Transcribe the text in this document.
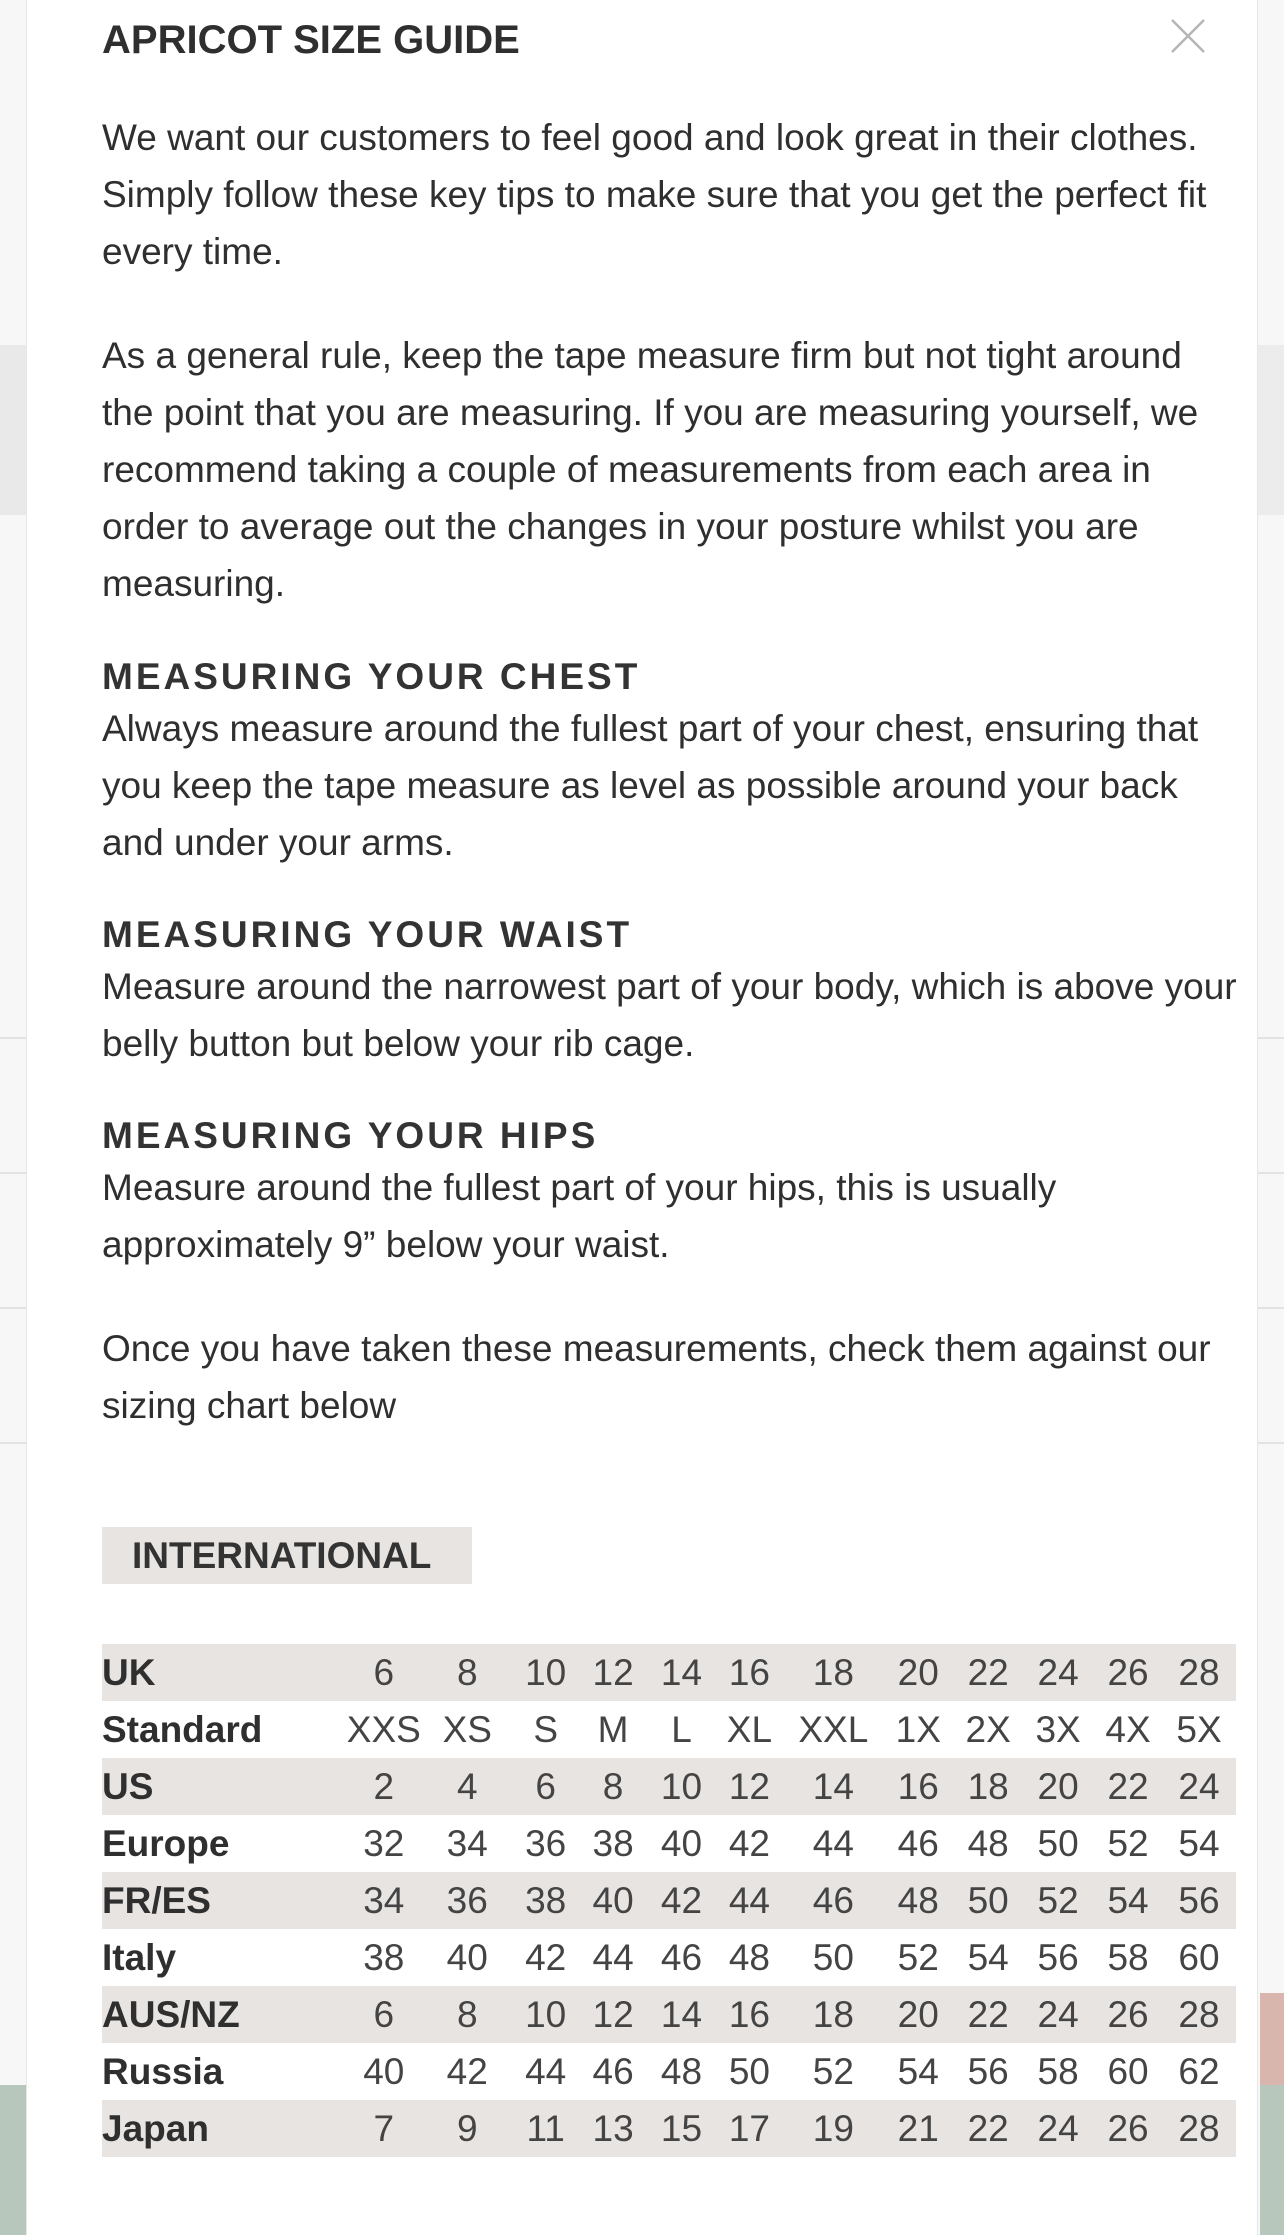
APRICOT SIZE GUIDE

We want our customers to feel good and look great in their clothes. Simply follow these key tips to make sure that you get the perfect fit every time.

As a general rule, keep the tape measure firm but not tight around the point that you are measuring. If you are measuring yourself, we recommend taking a couple of measurements from each area in order to average out the changes in your posture whilst you are measuring.

MEASURING YOUR CHEST

Always measure around the fullest part of your chest, ensuring that you keep the tape measure as level as possible around your back and under your arms.

MEASURING YOUR WAIST

Measure around the narrowest part of your body, which is above your belly button but below your rib cage.

MEASURING YOUR HIPS

Measure around the fullest part of your hips, this is usually approximately 9” below your waist.

Once you have taken these measurements, check them against our sizing chart below

INTERNATIONAL
UK	6	8	10	12	14	16	18	20	22	24	26	28
Standard	XXS	XS	S	M	L	XL	XXL	1X	2X	3X	4X	5X
US	2	4	6	8	10	12	14	16	18	20	22	24
Europe	32	34	36	38	40	42	44	46	48	50	52	54
FR/ES	34	36	38	40	42	44	46	48	50	52	54	56
Italy	38	40	42	44	46	48	50	52	54	56	58	60
AUS/NZ	6	8	10	12	14	16	18	20	22	24	26	28
Russia	40	42	44	46	48	50	52	54	56	58	60	62
Japan	7	9	11	13	15	17	19	21	22	24	26	28
